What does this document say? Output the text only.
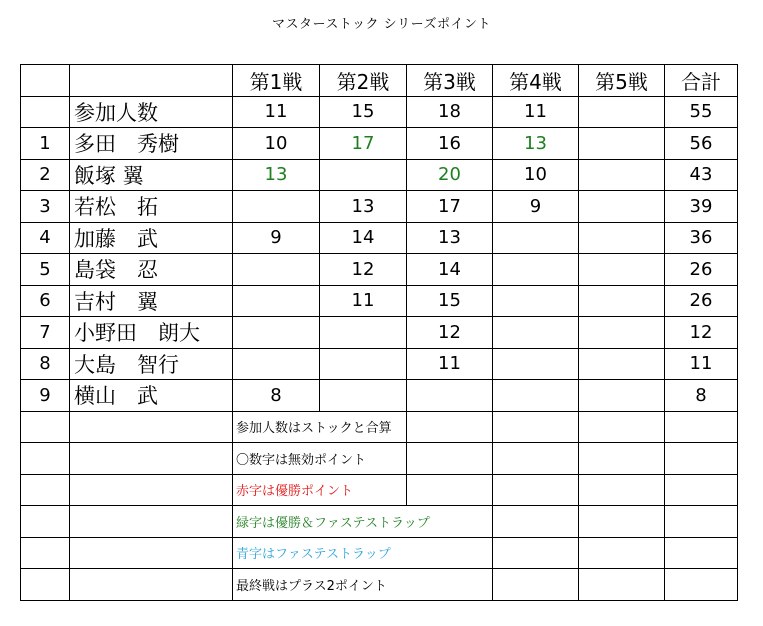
マスターストック シリーズポイント
		第1戦	第2戦	第3戦	第4戦	第5戦	合計
	参加人数	11	15	18	11		55
1	多田　秀樹	10	17	16	13		56
2	飯塚 翼	13		20	10		43
3	若松　拓		13	17	9		39
4	加藤　武	9	14	13			36
5	島袋　忍		12	14			26
6	吉村　翼		11	15			26
7	小野田　朗大			12			12
8	大島　智行			11			11
9	横山　武	8					8
		参加人数はストックと合算					
		〇数字は無効ポイント					
		赤字は優勝ポイント					
		緑字は優勝＆ファステストラップ					
		青字はファステストラップ					
		最終戦はプラス2ポイント					
